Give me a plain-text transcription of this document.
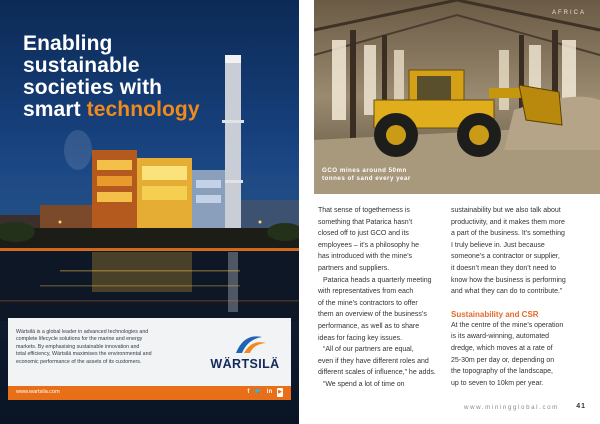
Enabling
sustainable
societies with
smart technology
Wärtsilä is a global leader in advanced technologies and
complete lifecycle solutions for the marine and energy
markets. By emphasising sustainable innovation and
total efficiency, Wärtsilä maximises the environmental and
economic performance of the assets of its customers.	WÄRTSILÄ
www.wartsila.com	f 🐦 in ▶
AFRICA
GCO mines around 50mn
tonnes of sand every year

That sense of togetherness is

something that Patarica hasn’t

closed off to just GCO and its

employees – it’s a philosophy he

has introduced with the mine’s

partners and suppliers.

Patarica heads a quarterly meeting

with representatives from each

of the mine’s contractors to offer

them an overview of the business’s

performance, as well as to share

ideas for facing key issues.

“All of our partners are equal,

even if they have different roles and

different scales of influence,” he adds.

“We spend a lot of time on

sustainability but we also talk about

productivity, and it makes them more

a part of the business. It’s something

I truly believe in. Just because

someone’s a contractor or supplier,

it doesn’t mean they don’t need to

know how the business is performing

and what they can do to contribute.”

Sustainability and CSR

At the centre of the mine’s operation

is its award-winning, automated

dredge, which moves at a rate of

25-30m per day or, depending on

the topography of the landscape,

up to seven to 10km per year.

www.miningglobal.com 41
